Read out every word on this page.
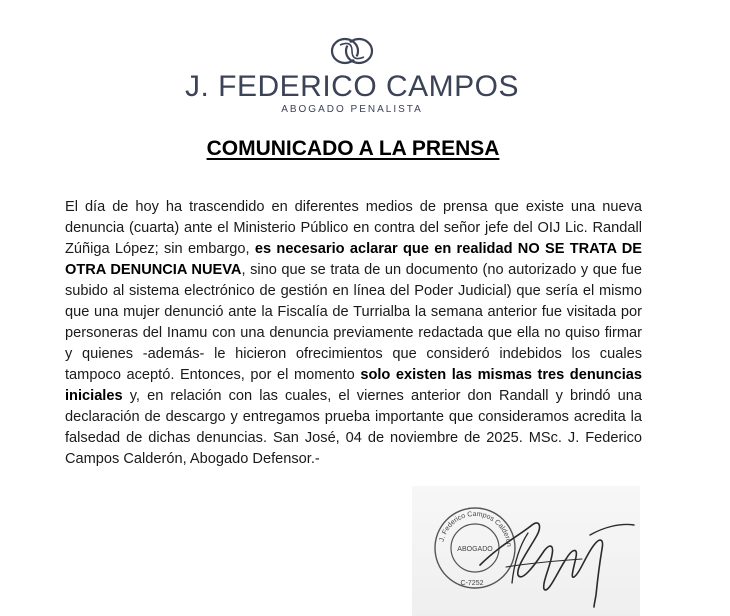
J. FEDERICO CAMPOS
ABOGADO PENALISTA
COMUNICADO A LA PRENSA
El día de hoy ha trascendido en diferentes medios de prensa que existe una nueva denuncia (cuarta) ante el Ministerio Público en contra del señor jefe del OIJ Lic. Randall Zúñiga López; sin embargo, es necesario aclarar que en realidad NO SE TRATA DE OTRA DENUNCIA NUEVA, sino que se trata de un documento (no autorizado y que fue subido al sistema electrónico de gestión en línea del Poder Judicial) que sería el mismo que una mujer denunció ante la Fiscalía de Turrialba la semana anterior fue visitada por personeras del Inamu con una denuncia previamente redactada que ella no quiso firmar y quienes -además- le hicieron ofrecimientos que consideró indebidos los cuales tampoco aceptó. Entonces, por el momento solo existen las mismas tres denuncias iniciales y, en relación con las cuales, el viernes anterior don Randall y brindó una declaración de descargo y entregamos prueba importante que consideramos acredita la falsedad de dichas denuncias. San José, 04 de noviembre de 2025. MSc. J. Federico Campos Calderón, Abogado Defensor.-
J. Federico Campos Calderón
ABOGADO
C-7252
